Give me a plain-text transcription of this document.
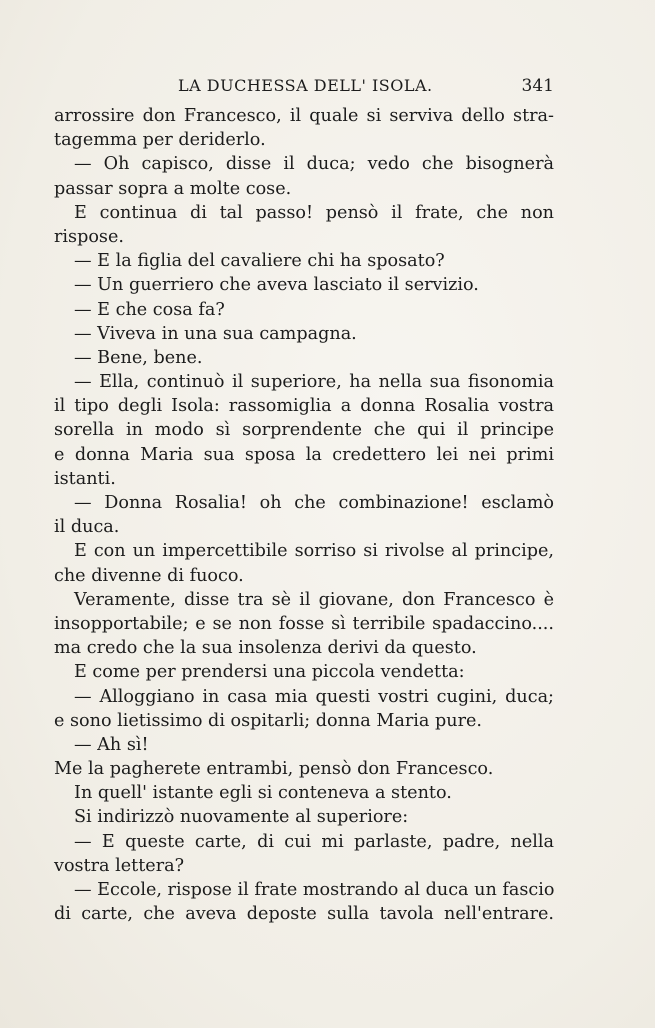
LA DUCHESSA DELL' ISOLA.	341
arrossire don Francesco, il quale si serviva dello stra-
tagemma per deriderlo.
— Oh capisco, disse il duca; vedo che bisognerà
passar sopra a molte cose.
E continua di tal passo! pensò il frate, che non
rispose.
— E la figlia del cavaliere chi ha sposato?
— Un guerriero che aveva lasciato il servizio.
— E che cosa fa?
— Viveva in una sua campagna.
— Bene, bene.
— Ella, continuò il superiore, ha nella sua fisonomia
il tipo degli Isola: rassomiglia a donna Rosalia vostra
sorella in modo sì sorprendente che qui il principe
e donna Maria sua sposa la credettero lei nei primi
istanti.
— Donna Rosalia! oh che combinazione! esclamò
il duca.
E con un impercettibile sorriso si rivolse al principe,
che divenne di fuoco.
Veramente, disse tra sè il giovane, don Francesco è
insopportabile; e se non fosse sì terribile spadaccino....
ma credo che la sua insolenza derivi da questo.
E come per prendersi una piccola vendetta:
— Alloggiano in casa mia questi vostri cugini, duca;
e sono lietissimo di ospitarli; donna Maria pure.
— Ah sì!
Me la pagherete entrambi, pensò don Francesco.
In quell' istante egli si conteneva a stento.
Si indirizzò nuovamente al superiore:
— E queste carte, di cui mi parlaste, padre, nella
vostra lettera?
— Eccole, rispose il frate mostrando al duca un fascio
di carte, che aveva deposte sulla tavola nell'entrare.
